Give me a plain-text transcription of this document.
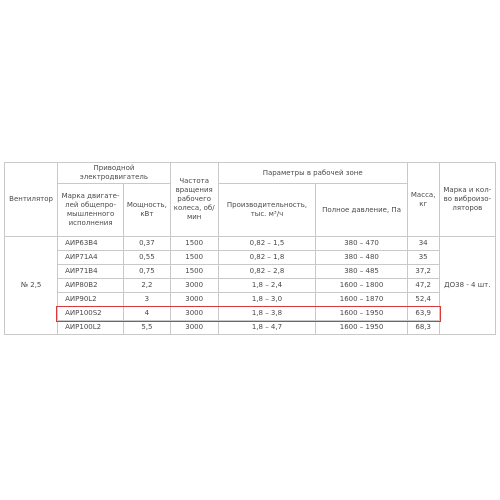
Вентилятор	Приводной электродвигатель		Частота вращения рабочего колеса, об/мин	Параметры в рабочей зоне		Масса, кг	Марка и кол-во виброизо-ляторов
	Марка двигате-лей общепро-мышленного исполнения	Мощность, кВт		Производительность, тыс. м³/ч	Полное давление, Па		
№ 2,5	АИР63В4	0,37	1500	0,82 – 1,5	380 – 470	34	ДО38 - 4 шт.
	АИР71А4	0,55	1500	0,82 – 1,8	380 – 480	35	
	АИР71В4	0,75	1500	0,82 – 2,8	380 – 485	37,2	
	АИР80В2	2,2	3000	1,8 – 2,4	1600 – 1800	47,2	
	АИР90L2	3	3000	1,8 – 3,0	1600 – 1870	52,4	
	АИР100S2	4	3000	1,8 – 3,8	1600 – 1950	63,9	
	АИР100L2	5,5	3000	1,8 – 4,7	1600 – 1950	68,3	
